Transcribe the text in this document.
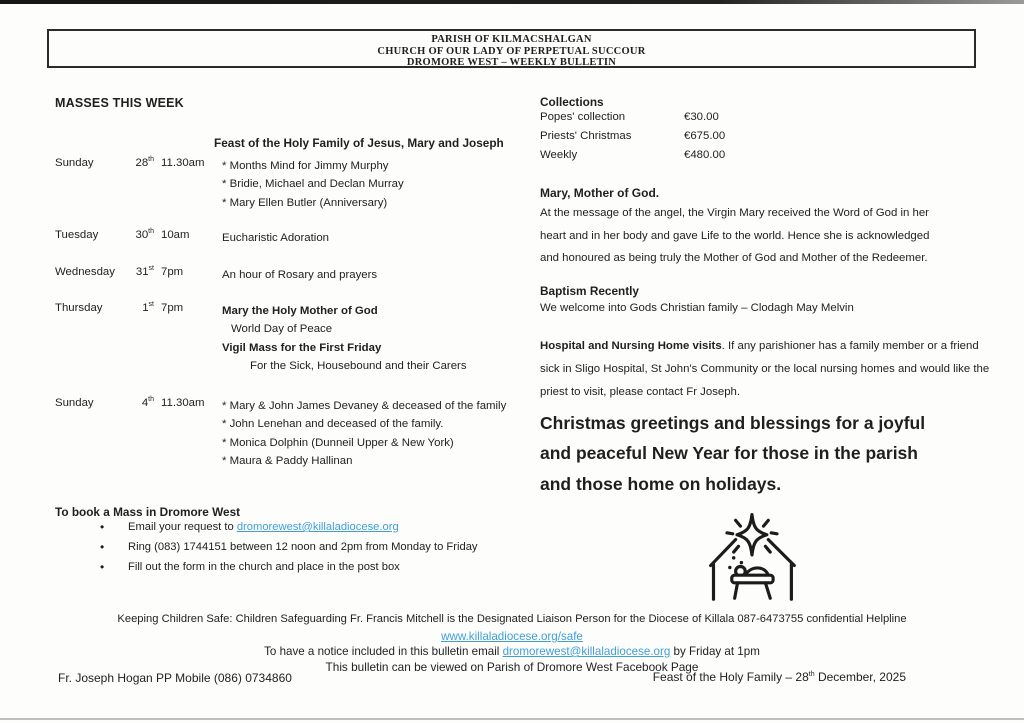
PARISH OF KILMACSHALGAN
CHURCH OF OUR LADY OF PERPETUAL SUCCOUR
DROMORE WEST – WEEKLY BULLETIN
MASSES THIS WEEK
Feast of the Holy Family of Jesus, Mary and Joseph
Sunday	28th 11.30am * Months Mind for Jimmy Murphy
* Bridie, Michael and Declan Murray
* Mary Ellen Butler (Anniversary)
Tuesday	30th 10am	Eucharistic Adoration
Wednesday	31st 7pm	An hour of Rosary and prayers
Thursday	1st 7pm	Mary the Holy Mother of God
World Day of Peace
Vigil Mass for the First Friday
For the Sick, Housebound and their Carers
Sunday	4th 11.30am * Mary & John James Devaney & deceased of the family
* John Lenehan and deceased of the family.
* Monica Dolphin (Dunneil Upper & New York)
* Maura & Paddy Hallinan
To book a Mass in Dromore West
• Email your request to dromorewest@killaladiocese.org
• Ring (083) 1744151 between 12 noon and 2pm from Monday to Friday
• Fill out the form in the church and place in the post box
Collections
Popes' collection	€30.00
Priests' Christmas	€675.00
Weekly	€480.00
Mary, Mother of God.
At the message of the angel, the Virgin Mary received the Word of God in her
heart and in her body and gave Life to the world. Hence she is acknowledged
and honoured as being truly the Mother of God and Mother of the Redeemer.
Baptism Recently
We welcome into Gods Christian family – Clodagh May Melvin
Hospital and Nursing Home visits. If any parishioner has a family member or a friend
sick in Sligo Hospital, St John's Community or the local nursing homes and would like the
priest to visit, please contact Fr Joseph.
Christmas greetings and blessings for a joyful
and peaceful New Year for those in the parish
and those home on holidays.
Keeping Children Safe: Children Safeguarding Fr. Francis Mitchell is the Designated Liaison Person for the Diocese of Killala 087-6473755 confidential Helpline
www.killaladiocese.org/safe
To have a notice included in this bulletin email dromorewest@killaladiocese.org by Friday at 1pm
This bulletin can be viewed on Parish of Dromore West Facebook Page
Fr. Joseph Hogan PP Mobile (086) 0734860	Feast of the Holy Family – 28th December, 2025
